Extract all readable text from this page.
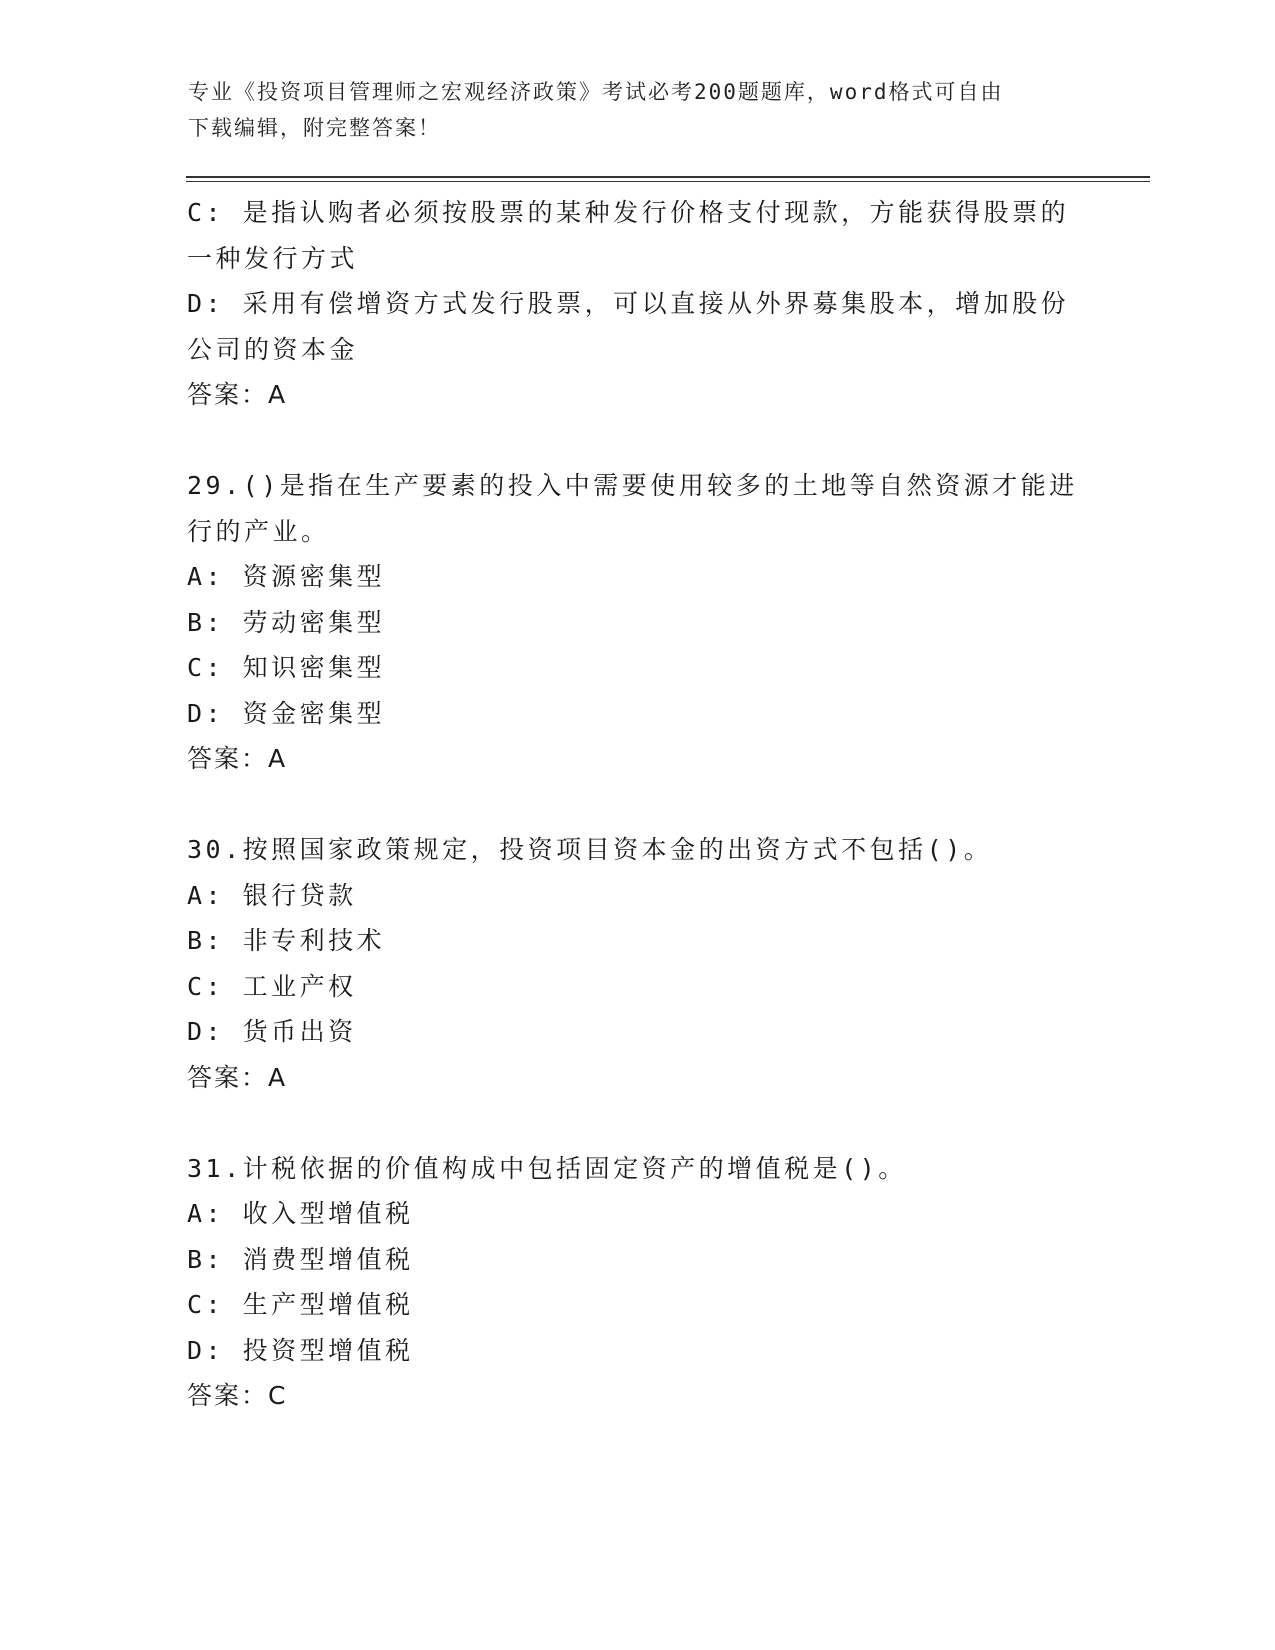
专业《投资项目管理师之宏观经济政策》考试必考200题题库，word格式可自由
下载编辑，附完整答案！

C: 是指认购者必须按股票的某种发行价格支付现款，方能获得股票的

一种发行方式

D: 采用有偿增资方式发行股票，可以直接从外界募集股本，增加股份

公司的资本金

答案：A

29.()是指在生产要素的投入中需要使用较多的土地等自然资源才能进

行的产业。

A: 资源密集型

B: 劳动密集型

C: 知识密集型

D: 资金密集型

答案：A

30.按照国家政策规定，投资项目资本金的出资方式不包括()。

A: 银行贷款

B: 非专利技术

C: 工业产权

D: 货币出资

答案：A

31.计税依据的价值构成中包括固定资产的增值税是()。

A: 收入型增值税

B: 消费型增值税

C: 生产型增值税

D: 投资型增值税

答案：C
